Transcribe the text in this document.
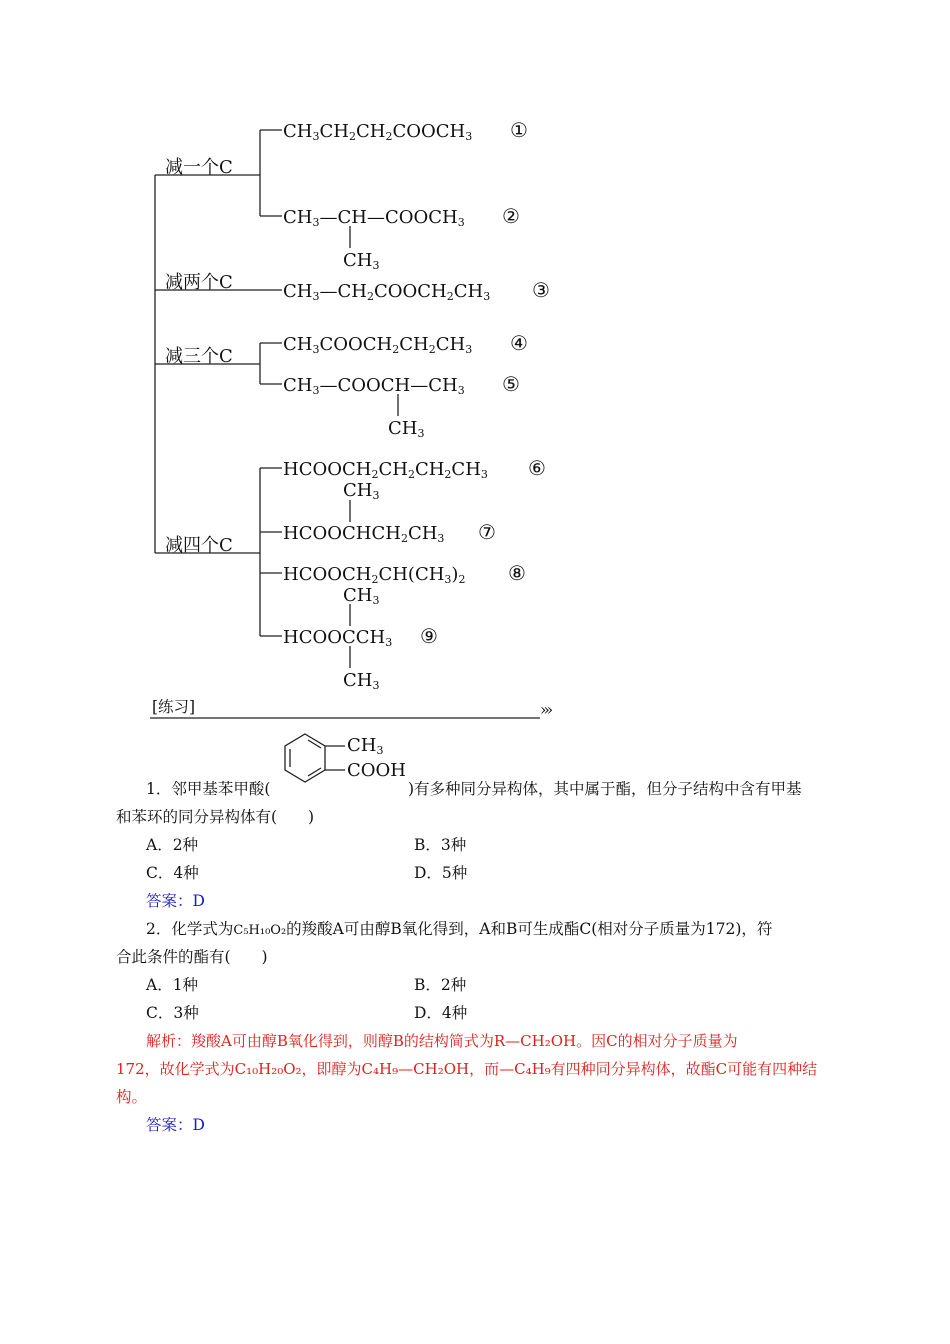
减一个C
减两个C
减三个C
减四个C
$CH_3CH_2CH_2COOCH_3$ ①
$CH_3—CH—COOCH_3$ ②
$CH_3$
$CH_3—CH_2COOCH_2CH_3$ ③
$CH_3COOCH_2CH_2CH_3$ ④
$CH_3—COOCH—CH_3$ ⑤
$CH_3$
$HCOOCH_2CH_2CH_2CH_3$ ⑥
$CH_3$
$HCOOCHCH_2CH_3$ ⑦
$HCOOCH_2CH(CH_3)_2$ ⑧
$CH_3$
$HCOOCCH_3$ ⑨
$CH_3$
[练习]	›››
$CH_3$
COOH
1．邻甲基苯甲酸(	)有多种同分异构体，其中属于酯，但分子结构中含有甲基
和苯环的同分异构体有(　　)
A．2种	B．3种
C．4种	D．5种
答案：D
2．化学式为C₅H₁₀O₂的羧酸A可由醇B氧化得到，A和B可生成酯C(相对分子质量为172)，符
合此条件的酯有(　　)
A．1种	B．2种
C．3种	D．4种
解析：羧酸A可由醇B氧化得到，则醇B的结构简式为R—CH₂OH。因C的相对分子质量为
172，故化学式为C₁₀H₂₀O₂，即醇为C₄H₉—CH₂OH，而—C₄H₉有四种同分异构体，故酯C可能有四种结
构。
答案：D
